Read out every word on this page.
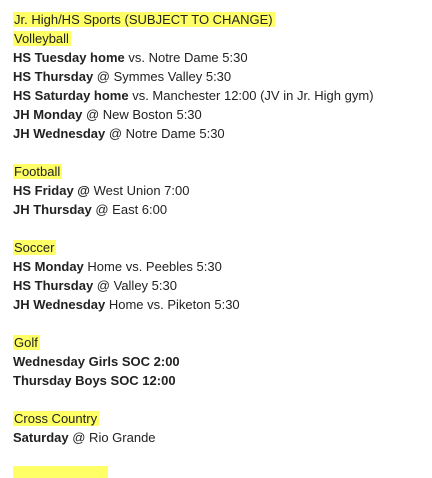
Jr. High/HS Sports (SUBJECT TO CHANGE)
Volleyball
HS Tuesday home vs. Notre Dame 5:30
HS Thursday @ Symmes Valley 5:30
HS Saturday home vs. Manchester 12:00 (JV in Jr. High gym)
JH Monday @ New Boston 5:30
JH Wednesday @ Notre Dame 5:30
Football
HS Friday @ West Union 7:00
JH Thursday @ East 6:00
Soccer
HS Monday Home vs. Peebles 5:30
HS Thursday @ Valley 5:30
JH Wednesday Home vs. Piketon 5:30
Golf
Wednesday Girls SOC 2:00
Thursday Boys SOC 12:00
Cross Country
Saturday @ Rio Grande
